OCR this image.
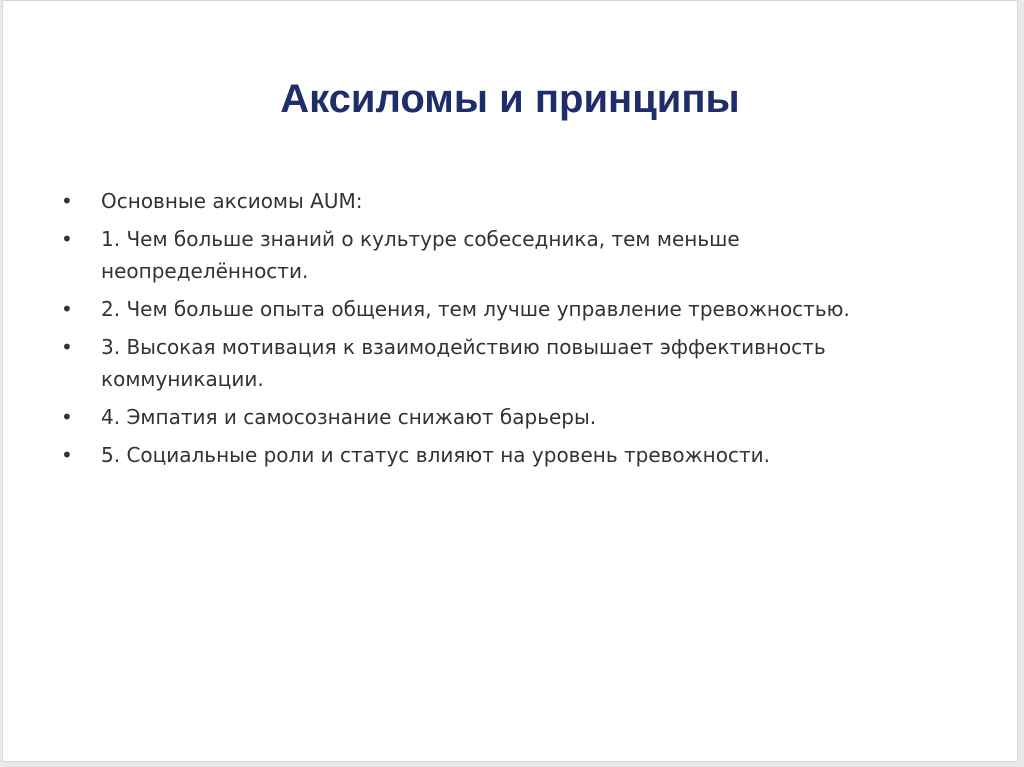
Аксиломы и принципы
•	Основные аксиомы AUM:
•	1. Чем больше знаний о культуре собеседника, тем меньше неопределённости.
•	2. Чем больше опыта общения, тем лучше управление тревожностью.
•	3. Высокая мотивация к взаимодействию повышает эффективность коммуникации.
•	4. Эмпатия и самосознание снижают барьеры.
•	5. Социальные роли и статус влияют на уровень тревожности.
